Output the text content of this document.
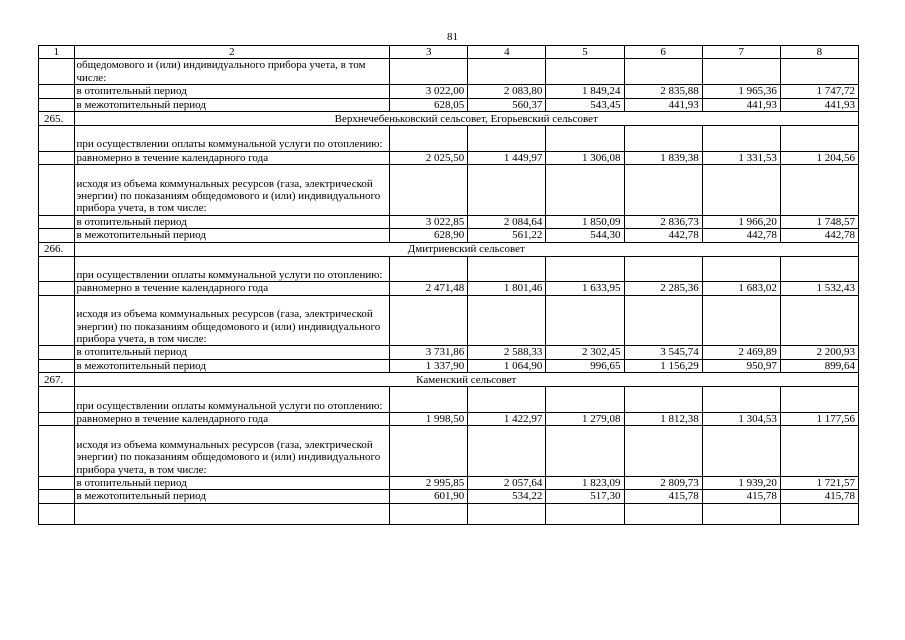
81
1	2	3	4	5	6	7	8
	общедомового и (или) индивидуального прибора учета, в том числе:						
	в отопительный период	3 022,00	2 083,80	1 849,24	2 835,88	1 965,36	1 747,72
	в межотопительный период	628,05	560,37	543,45	441,93	441,93	441,93
265.	Верхнечебеньковский сельсовет, Егорьевский сельсовет						
	при осуществлении оплаты коммунальной услуги по отоплению:						
	равномерно в течение календарного года	2 025,50	1 449,97	1 306,08	1 839,38	1 331,53	1 204,56
	исходя из объема коммунальных ресурсов (газа, электрической энергии) по показаниям общедомового и (или) индивидуального прибора учета, в том числе:						
	в отопительный период	3 022,85	2 084,64	1 850,09	2 836,73	1 966,20	1 748,57
	в межотопительный период	628,90	561,22	544,30	442,78	442,78	442,78
266.	Дмитриевский сельсовет						
	при осуществлении оплаты коммунальной услуги по отоплению:						
	равномерно в течение календарного года	2 471,48	1 801,46	1 633,95	2 285,36	1 683,02	1 532,43
	исходя из объема коммунальных ресурсов (газа, электрической энергии) по показаниям общедомового и (или) индивидуального прибора учета, в том числе:						
	в отопительный период	3 731,86	2 588,33	2 302,45	3 545,74	2 469,89	2 200,93
	в межотопительный период	1 337,90	1 064,90	996,65	1 156,29	950,97	899,64
267.	Каменский сельсовет						
	при осуществлении оплаты коммунальной услуги по отоплению:						
	равномерно в течение календарного года	1 998,50	1 422,97	1 279,08	1 812,38	1 304,53	1 177,56
	исходя из объема коммунальных ресурсов (газа, электрической энергии) по показаниям общедомового и (или) индивидуального прибора учета, в том числе:						
	в отопительный период	2 995,85	2 057,64	1 823,09	2 809,73	1 939,20	1 721,57
	в межотопительный период	601,90	534,22	517,30	415,78	415,78	415,78
